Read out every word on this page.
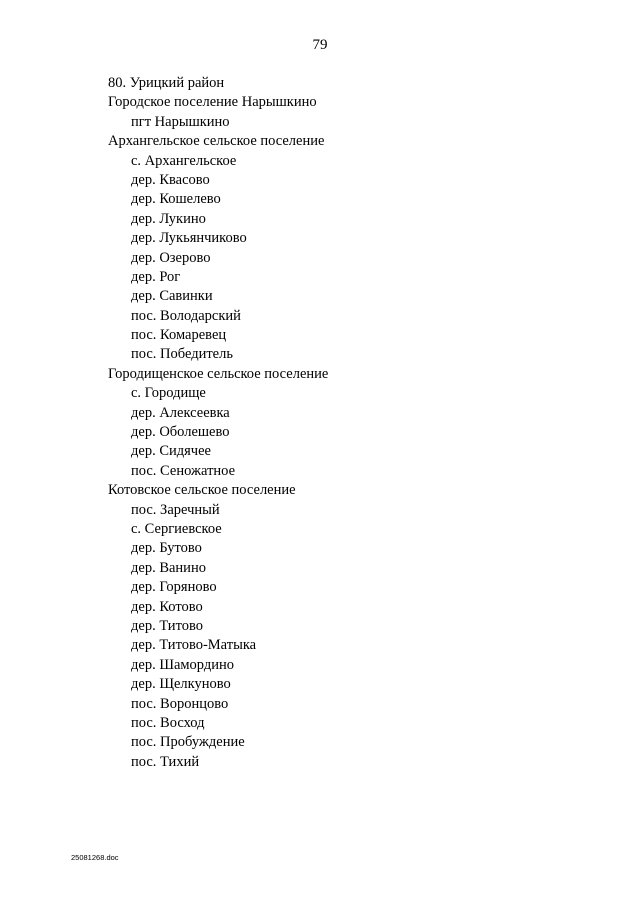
79
80. Урицкий район
Городское поселение Нарышкино
пгт Нарышкино
Архангельское сельское поселение
с. Архангельское
дер. Квасово
дер. Кошелево
дер. Лукино
дер. Лукьянчиково
дер. Озерово
дер. Рог
дер. Савинки
пос. Володарский
пос. Комаревец
пос. Победитель
Городищенское сельское поселение
с. Городище
дер. Алексеевка
дер. Оболешево
дер. Сидячее
пос. Сеножатное
Котовское сельское поселение
пос. Заречный
с. Сергиевское
дер. Бутово
дер. Ванино
дер. Горяново
дер. Котово
дер. Титово
дер. Титово-Матыка
дер. Шамордино
дер. Щелкуново
пос. Воронцово
пос. Восход
пос. Пробуждение
пос. Тихий
25081268.doc
